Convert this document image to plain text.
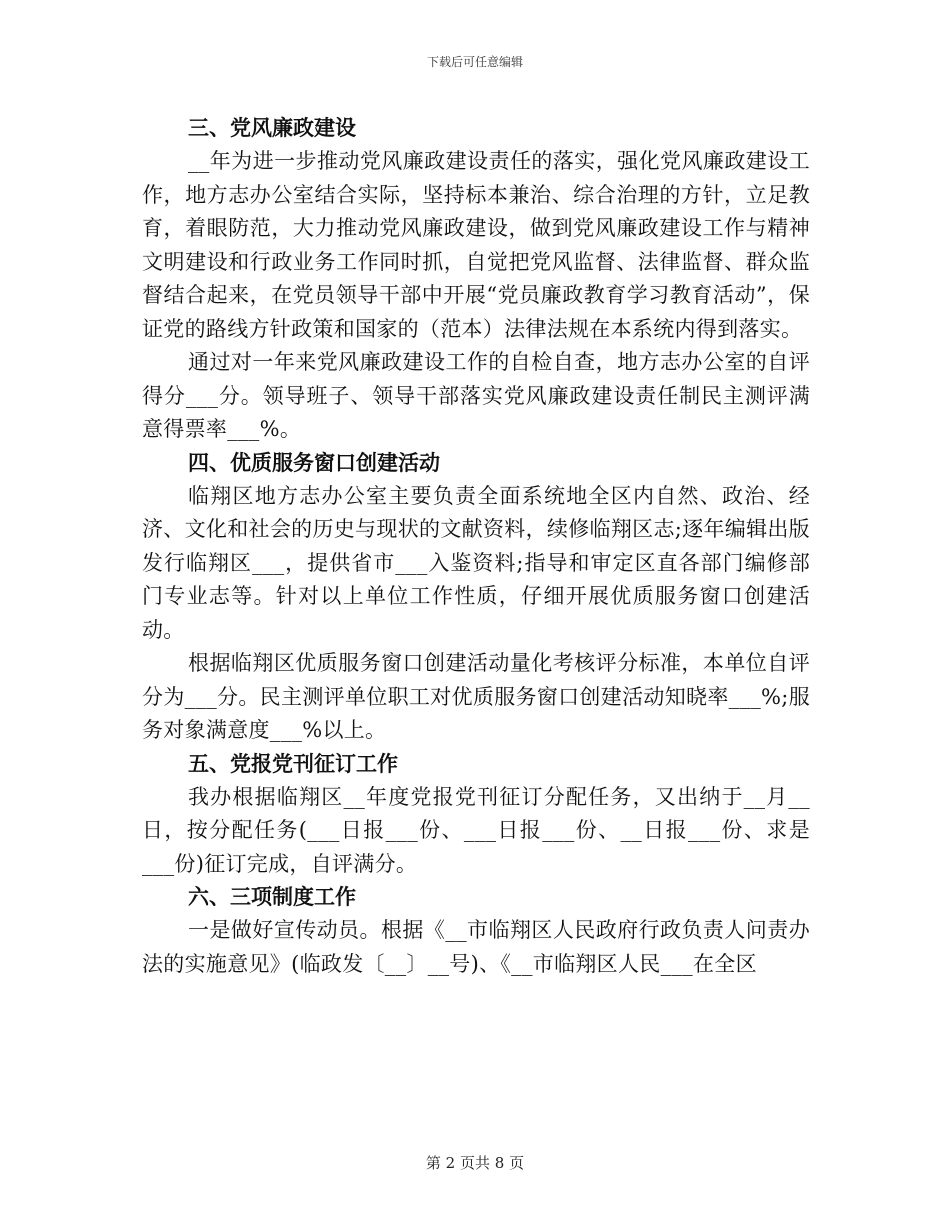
下载后可任意编辑
三、党风廉政建设

__年为进一步推动党风廉政建设责任的落实，强化党风廉政建设工作，地方志办公室结合实际，坚持标本兼治、综合治理的方针，立足教育，着眼防范，大力推动党风廉政建设，做到党风廉政建设工作与精神文明建设和行政业务工作同时抓，自觉把党风监督、法律监督、群众监督结合起来，在党员领导干部中开展“党员廉政教育学习教育活动”，保证党的路线方针政策和国家的（范本）法律法规在本系统内得到落实。

通过对一年来党风廉政建设工作的自检自查，地方志办公室的自评得分___分。领导班子、领导干部落实党风廉政建设责任制民主测评满意得票率___%。

四、优质服务窗口创建活动

临翔区地方志办公室主要负责全面系统地全区内自然、政治、经济、文化和社会的历史与现状的文献资料，续修临翔区志;逐年编辑出版发行临翔区___，提供省市___入鉴资料;指导和审定区直各部门编修部门专业志等。针对以上单位工作性质，仔细开展优质服务窗口创建活动。

根据临翔区优质服务窗口创建活动量化考核评分标准，本单位自评分为___分。民主测评单位职工对优质服务窗口创建活动知晓率___%;服务对象满意度___%以上。

五、党报党刊征订工作

我办根据临翔区__年度党报党刊征订分配任务，又出纳于__月__日，按分配任务(___日报___份、___日报___份、__日报___份、求是___份)征订完成，自评满分。

六、三项制度工作

一是做好宣传动员。根据《__市临翔区人民政府行政负责人问责办法的实施意见》(临政发〔__〕__号)、《__市临翔区人民___在全区

第 2 页共 8 页
